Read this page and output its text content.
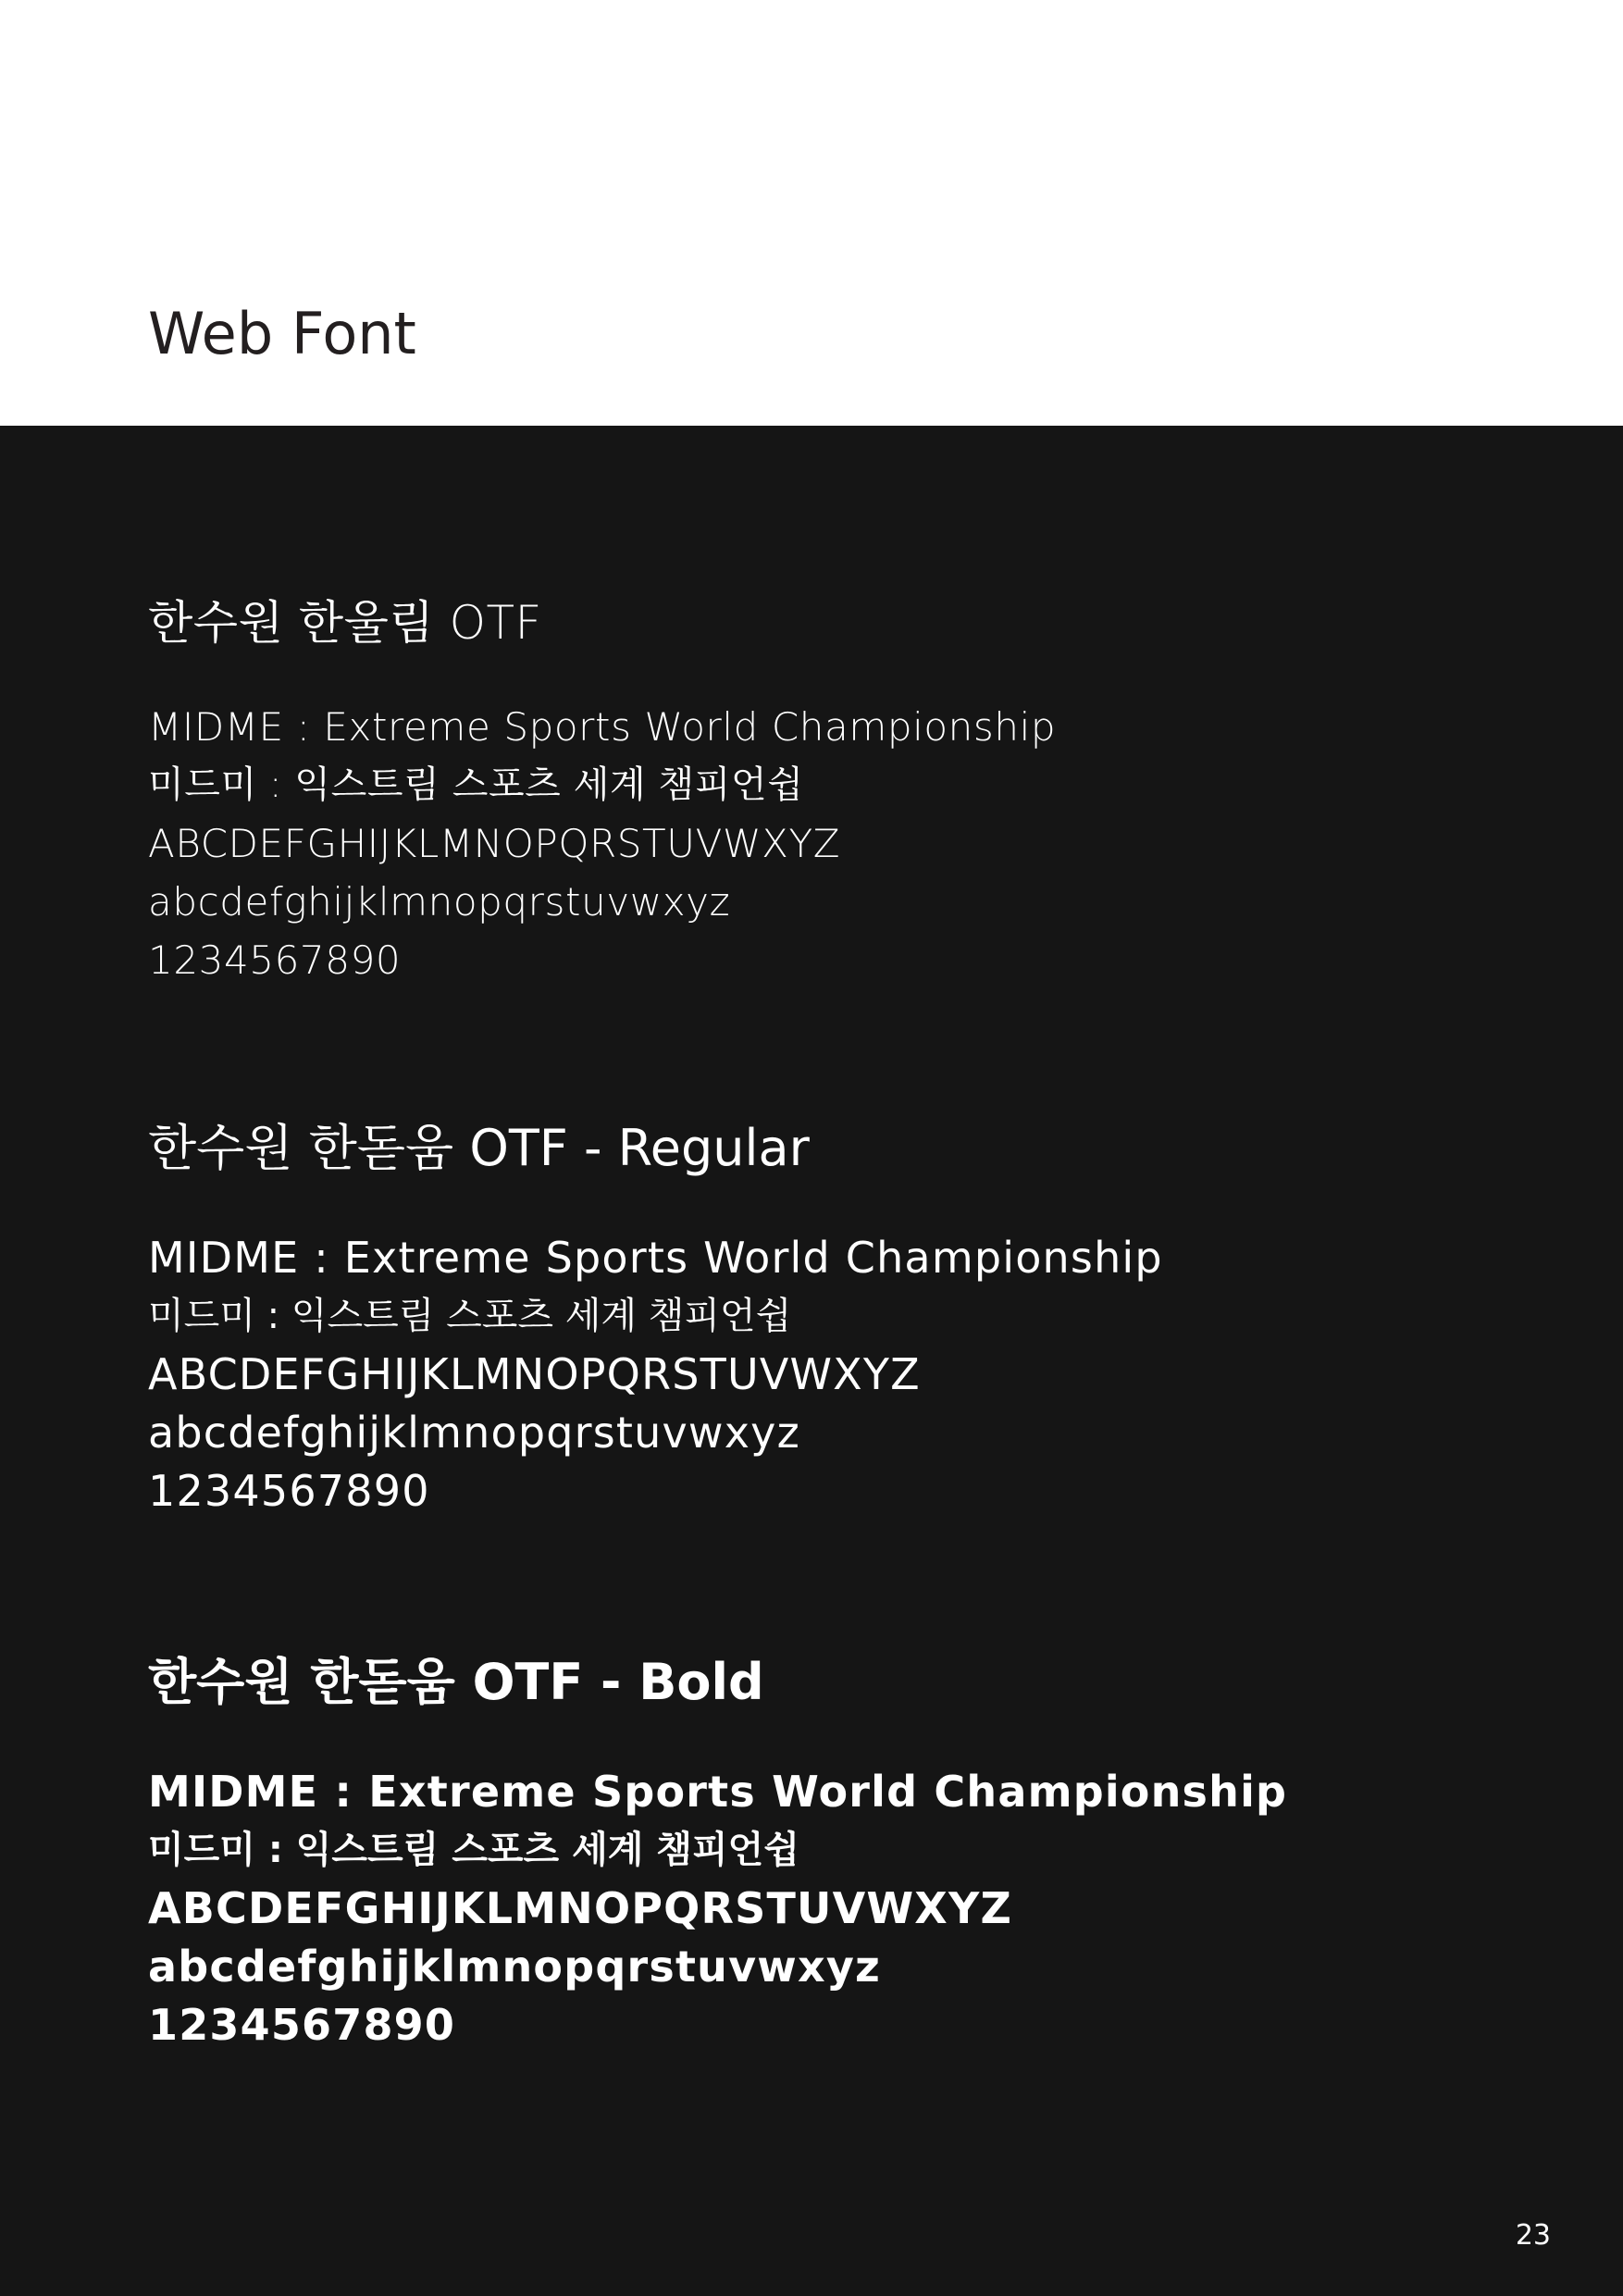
Web Font
한수원 한울림 OTF
MIDME : Extreme Sports World Championship
미드미 : 익스트림 스포츠 세계 챔피언쉽
ABCDEFGHIJKLMNOPQRSTUVWXYZ
abcdefghijklmnopqrstuvwxyz
1234567890
한수원 한돋움 OTF - Regular
MIDME : Extreme Sports World Championship
미드미 : 익스트림 스포츠 세계 챔피언쉽
ABCDEFGHIJKLMNOPQRSTUVWXYZ
abcdefghijklmnopqrstuvwxyz
1234567890
한수원 한돋움 OTF - Bold
MIDME : Extreme Sports World Championship
미드미 : 익스트림 스포츠 세계 챔피언쉽
ABCDEFGHIJKLMNOPQRSTUVWXYZ
abcdefghijklmnopqrstuvwxyz
1234567890
23
